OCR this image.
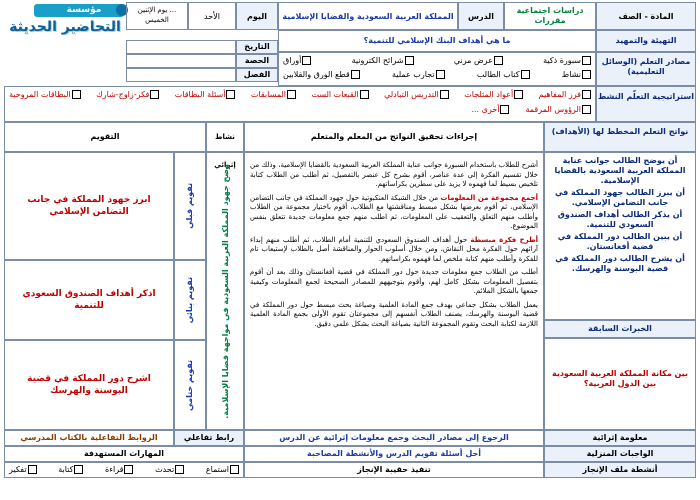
مؤسسة
التحاضير الحديثة
المادة - الصف
دراسات اجتماعية مقررات
الدرس
المملكة العربية السعودية والقضايا الإسلامية
اليوم
الأحد
... يوم الإثنين
الخميس
التهيئة والتمهيد
ما هي أهداف البنك الإسلامي للتنمية؟
التاريخ
الحصة
الفصل
مصادر التعلم (الوسائل التعليمية)
سبورة ذكية
عرض مرني
شرائح الكترونية
أوراق
نشاط
كتاب الطالب
تجارب عملية
قطع الورق والقلابين
استراتيجية التعلّم النشط
فرز المفاهيم
أعواد المثلجات
التدريس التبادلي
القبعات الست
المسابقات
أسئلة البطاقات
فكر-زاوج-شارك
البطاقات المروحية
الرؤوس المرقمة
أخرى ...
نواتج التعلم المخطط لها (الأهداف)
إجراءات تحقيق النواتج من المعلم والمتعلم
نشاط إثرائي
التقويم
أن يوضح الطالب جوانب عناية المملكة العربية السعودية بالقضايا الإسلامية.
أن يبرز الطالب جهود المملكة في جانب التضامن الإسلامي.
أن يذكر الطالب أهداف الصندوق السعودي للتنمية.
أن يبين الطالب دور المملكة في قضية أفغانستان.
أن يشرح الطالب دور المملكة في قضية البوسنة والهرسك.
الخبرات السابقة
بين مكانة المملكة العربية السعودية بين الدول العربية؟

أشرح للطلاب باستخدام السبورة جوانب عناية المملكة العربية السعودية بالقضايا الإسلامية، وذلك من خلال تقسيم الفكرة إلى عدة عناصر، أقوم بشرح كل عنصر بالتفصيل، ثم أطلب من الطلاب كتابة تلخيص بسيط لما فهموه لا يزيد على سطرين بكراساتهم.

أجمع مجموعة من المعلومات من خلال الشبكة العنكبوتية حول جهود المملكة في جانب التضامن الإسلامي، ثم أقوم بعرضها بشكل مبسط ومناقشتها مع الطلاب، أقوم باختيار مجموعة من الطلاب وأطلب منهم التعلق والتعقيب على المعلومات، ثم اطلب منهم جمع معلومات جديدة تتعلق بنفس الموضوع.

أطرح فكرة مبسطة حول أهداف الصندوق السعودي للتنمية أمام الطلاب، ثم أطلب منهم إبداء آرائهم حول الفكرة محل النقاش، ومن خلال أسلوب الحوار والمناقشة أصل بالطلاب لإستيعاب تام للفكرة وأطلب منهم كتابة ملخص لما فهموه بكراساتهم.

أطلب من الطلاب جمع معلومات جديدة حول دور المملكة في قضية أفغانستان وذلك بعد أن أقوم بتفصيل المعلومات بشكل كامل لهم، وأقوم بتوجيههم للمصادر الصحيحة لجمع المعلومات وكيفية جمعها بالشكل الملائم.

يعمل الطلاب بشكل جماعي بهدف جمع المادة العلمية وصياغة بحث مبسط حول دور المملكة في قضية البوسنة والهرسك، يصنف الطلاب أنفسهم إلى مجموعتان تقوم الأولى بجمع المادة العلمية اللازمة لكتابة البحث وتقوم المجموعة الثانية بصياغة البحث بشكل علمي دقيق.

وضح جهود المملكة العربية السعودية في مواجهة قضايا الإسلامية.
تقويم قبلي
ابرز جهود المملكة في جانب التضامن الإسلامي
تقويم بنائي
اذكر أهداف الصندوق السعودي للتنمية
تقويم ختامي
اشرح دور المملكة في قضية البوسنة والهرسك
معلومة إثرائية
الرجوع إلى مصادر البحث وجمع معلومات إثرائية عن الدرس
رابط تفاعلي
الروابط التفاعلية بالكتاب المدرسي
الواجبات المنزلية
أحل أسئلة تقويم الدرس والأنشطة المصاحبة
المهارات المستهدفة
أنشطة ملف الإنجاز
تنفيذ حقيبة الإنجاز
استماع
تحدث
قراءة
كتابة
تفكير
